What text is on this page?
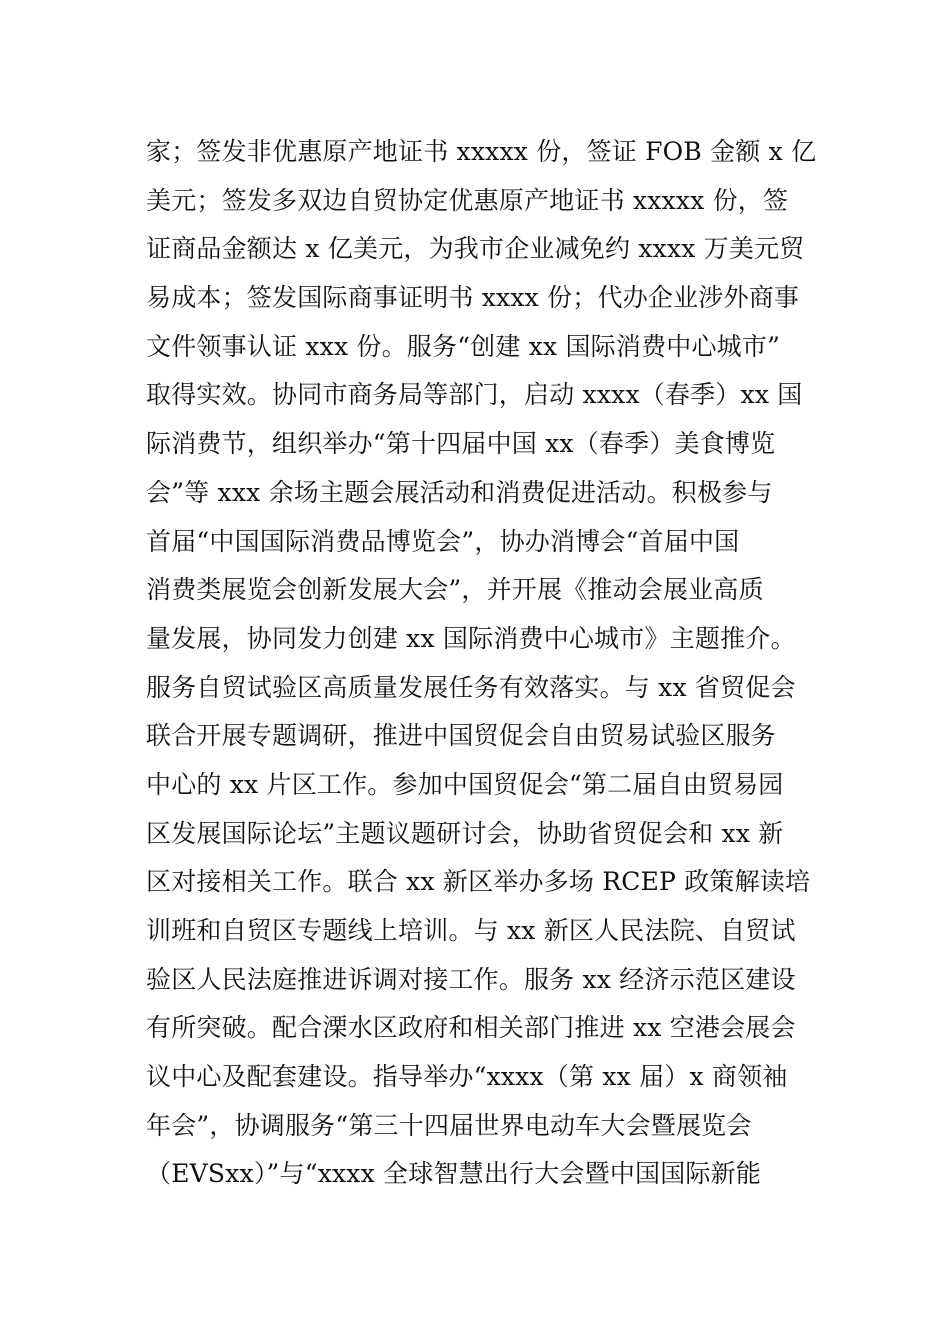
家；签发非优惠原产地证书 xxxxx 份，签证 FOB 金额 x 亿
美元；签发多双边自贸协定优惠原产地证书 xxxxx 份，签
证商品金额达 x 亿美元，为我市企业减免约 xxxx 万美元贸
易成本；签发国际商事证明书 xxxx 份；代办企业涉外商事
文件领事认证 xxx 份。服务“创建 xx 国际消费中心城市”
取得实效。协同市商务局等部门，启动 xxxx（春季）xx 国
际消费节，组织举办“第十四届中国 xx（春季）美食博览
会”等 xxx 余场主题会展活动和消费促进活动。积极参与
首届“中国国际消费品博览会”，协办消博会“首届中国
消费类展览会创新发展大会”，并开展《推动会展业高质
量发展，协同发力创建 xx 国际消费中心城市》主题推介。
服务自贸试验区高质量发展任务有效落实。与 xx 省贸促会
联合开展专题调研，推进中国贸促会自由贸易试验区服务
中心的 xx 片区工作。参加中国贸促会“第二届自由贸易园
区发展国际论坛”主题议题研讨会，协助省贸促会和 xx 新
区对接相关工作。联合 xx 新区举办多场 RCEP 政策解读培
训班和自贸区专题线上培训。与 xx 新区人民法院、自贸试
验区人民法庭推进诉调对接工作。服务 xx 经济示范区建设
有所突破。配合溧水区政府和相关部门推进 xx 空港会展会
议中心及配套建设。指导举办“xxxx（第 xx 届）x 商领袖
年会”，协调服务“第三十四届世界电动车大会暨展览会
（EVSxx）”与“xxxx 全球智慧出行大会暨中国国际新能
